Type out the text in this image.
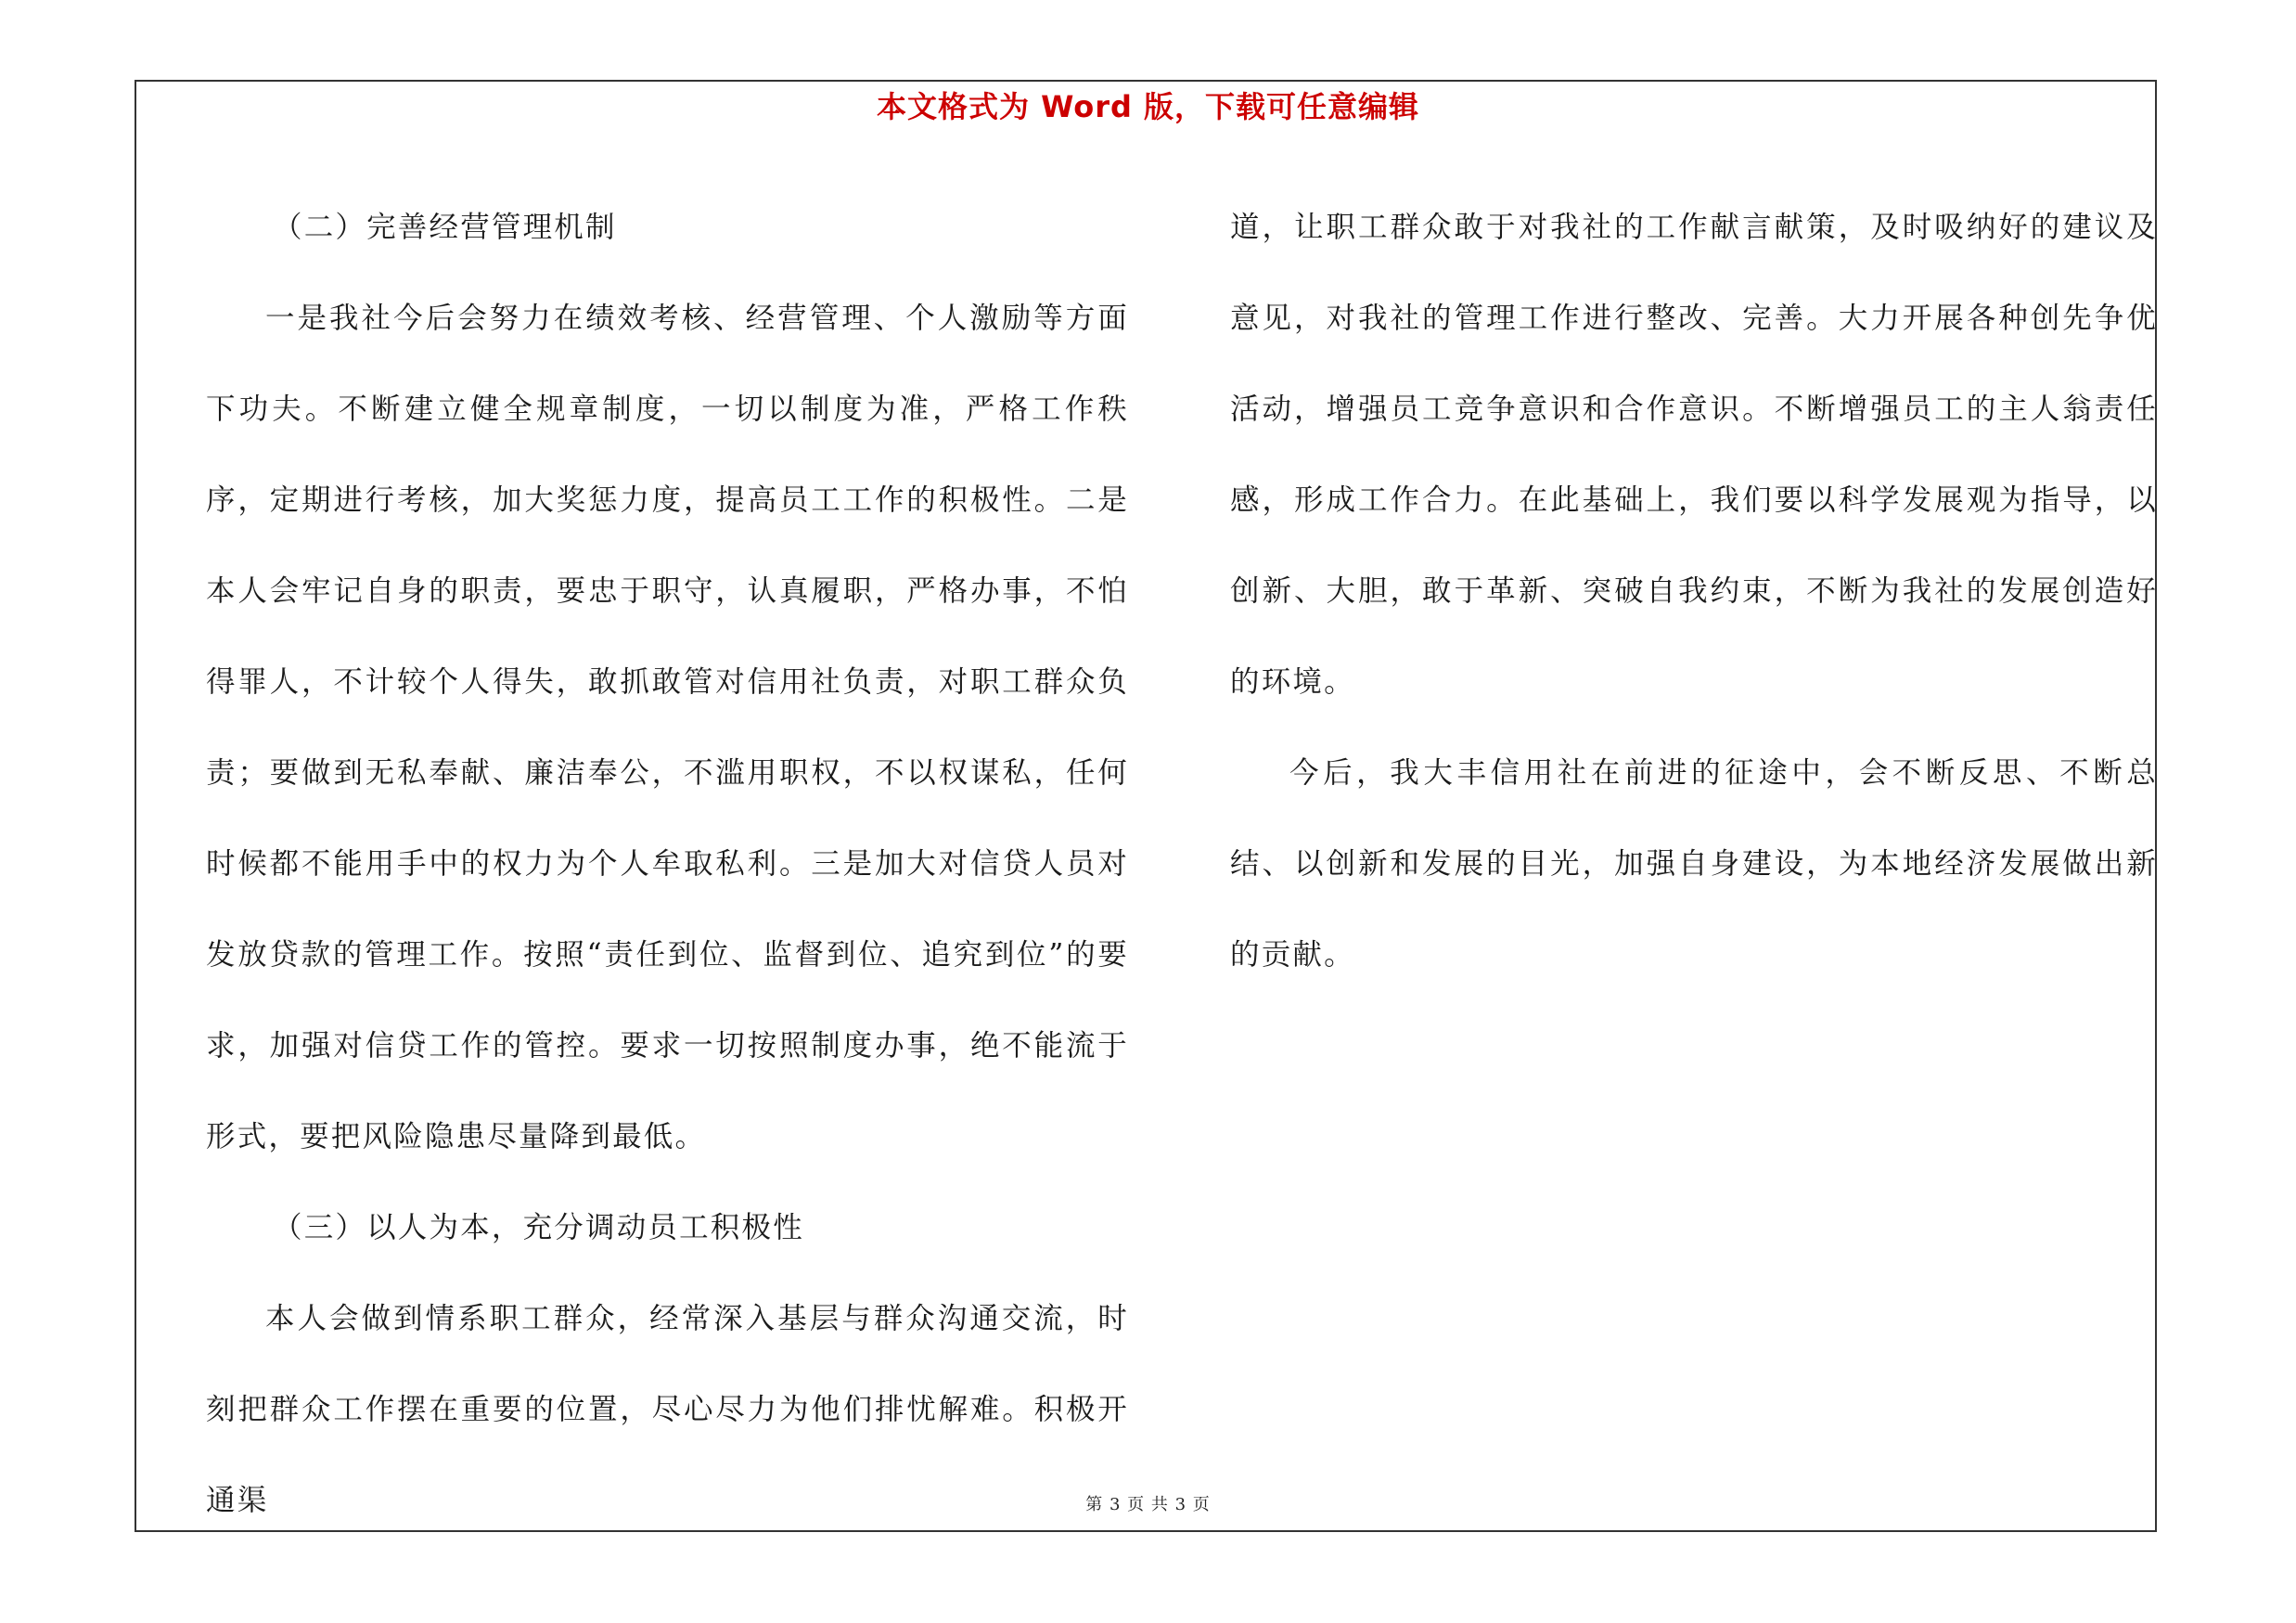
本文格式为 Word 版，下载可任意编辑

（二）完善经营管理机制

一是我社今后会努力在绩效考核、经营管理、个人激励等方面下功夫。不断建立健全规章制度，一切以制度为准，严格工作秩序，定期进行考核，加大奖惩力度，提高员工工作的积极性。二是本人会牢记自身的职责，要忠于职守，认真履职，严格办事，不怕得罪人，不计较个人得失，敢抓敢管对信用社负责，对职工群众负责；要做到无私奉献、廉洁奉公，不滥用职权，不以权谋私，任何时候都不能用手中的权力为个人牟取私利。三是加大对信贷人员对发放贷款的管理工作。按照“责任到位、监督到位、追究到位”的要求，加强对信贷工作的管控。要求一切按照制度办事，绝不能流于形式，要把风险隐患尽量降到最低。

（三）以人为本，充分调动员工积极性

本人会做到情系职工群众，经常深入基层与群众沟通交流，时刻把群众工作摆在重要的位置，尽心尽力为他们排忧解难。积极开通渠

道，让职工群众敢于对我社的工作献言献策，及时吸纳好的建议及意见，对我社的管理工作进行整改、完善。大力开展各种创先争优活动，增强员工竞争意识和合作意识。不断增强员工的主人翁责任感，形成工作合力。在此基础上，我们要以科学发展观为指导，以创新、大胆，敢于革新、突破自我约束，不断为我社的发展创造好的环境。

今后，我大丰信用社在前进的征途中，会不断反思、不断总结、以创新和发展的目光，加强自身建设，为本地经济发展做出新的贡献。

第 3 页 共 3 页
